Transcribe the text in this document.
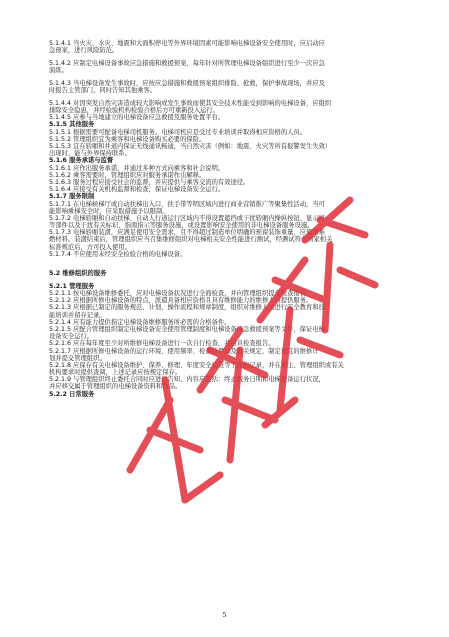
5.1.4.1 当火灾、水灾、地震和大面积停电等外界环境因素可能影响电梯设备安全使用时，应启动应
急预案，进行风险防范。
5.1.4.2 应制定电梯设备事故应急措施和救援预案，每年针对所管理电梯设备组织进行至少一次应急
演练。
5.1.4.3 当电梯设备发生事故时，应按应急措施和救援预案组织排险、抢救，保护事故现场，并应及
时报告主管部门，同时告知其他乘客。
5.1.4.4 对因突发自然灾害造成较大影响或发生事故而使其安全技术性能受到影响的电梯设备，应组织
排除安全隐患，并经检验机构检验合格后方可重新投入运行。
5.1.4.5 应参与当地建立的电梯设备应急救援及服务处置平台。
5.1.5 其他服务
5.1.5.1 根据需要可配备电梯司机服务。电梯司机应是受过专业培训并取得相应资格的人员。
5.1.5.2 管理组织宜为乘客和电梯设备购买必要的保险。
5.1.5.3 宜在轿厢和井道内保证无线通讯畅通，当自然灾害（例如：地震、火灾等所有报警发生失效）
出现时，能与外界保持联系。
5.1.6 服务承诺与监督
5.1.6.1 应作出服务承诺，并通过多种方式向乘客和社会说明。
5.1.6.2 乘客需要时，管理组织应对服务承诺作出解释。
5.1.6.3 服务过程应接受社会的监督，并应提供与乘客交流的有效途径。
5.1.6.4 应接受有关机构监督和检查，保证电梯设备安全运行。
5.1.7 服务限制
5.1.7.1 在电梯候梯厅或自动扶梯出入口、扶手带等明区域内进行商业营销推广等聚集性活动，当可
能影响乘梯安全时，应采取措施予以限制。
5.1.7.2 电梯轿厢和自动扶梯、自动人行道运行区域内不得设置遮挡或干扰轿厢内操纵按钮、显示屏
等部件以及干扰有关标识、指南指示等服务设施，或设置影响安全使用的非电梯设备服务设施。
5.1.7.3 电梯轿厢装潢，应满足使用安全需求，且不得超过制造单位明确的预留装饰重量，应使用难
燃材料。装潢结束后，管理组织应当召集维修组织对电梯相关安全性能进行测试，经测试符合国家相关
标准规范后，方可投入使用。
5.1.7.4 不应使用未经安全检验合格的电梯设备。
5.2 维修组织的服务
5.2.1 管理服务
5.2.1.1 按电梯设备维修委托，应对电梯设备状况进行全面检查，并向管理组织提交检查报告。
5.2.1.2 应根据所修电梯设备的特点，派遣具备相应资格且具有维修能力的维修人员提供服务。
5.2.1.3 应根据已制定的服务规范、计划、操作流程和规章制度，组织对维修人员进行安全教育和技
能培训并留存记录。
5.2.1.4 应有能力提供指定电梯设备维修服务所必需的合格备件。
5.2.1.5 应配合管理组织制定电梯设备安全使用管理制度和电梯设备应急救援预案等文件，保证电梯
设备安全运行。
5.2.1.6 应在每年度至少对所维修电梯设备进行一次自行检查，并出具检查报告。
5.2.1.7 应根据所修电梯设备的运行环境、使用频率、检查结果以及有关规定，制定适宜的维修计
划并提交管理组织。
5.2.1.8 应保存有关电梯设备维护、保养、修理、年度安全检查等工作的记录，并在业主、管理组织或有关
机构要求时提供查阅，上述记录应按规定保存。
5.2.1.9 与管理组织终止委托合同时应进行告知，内容应包括：终止服务日期和电梯设备运行状况，
并应移交属于管理组织的电梯设备资料和物品。
5.2.2 日常服务
5
